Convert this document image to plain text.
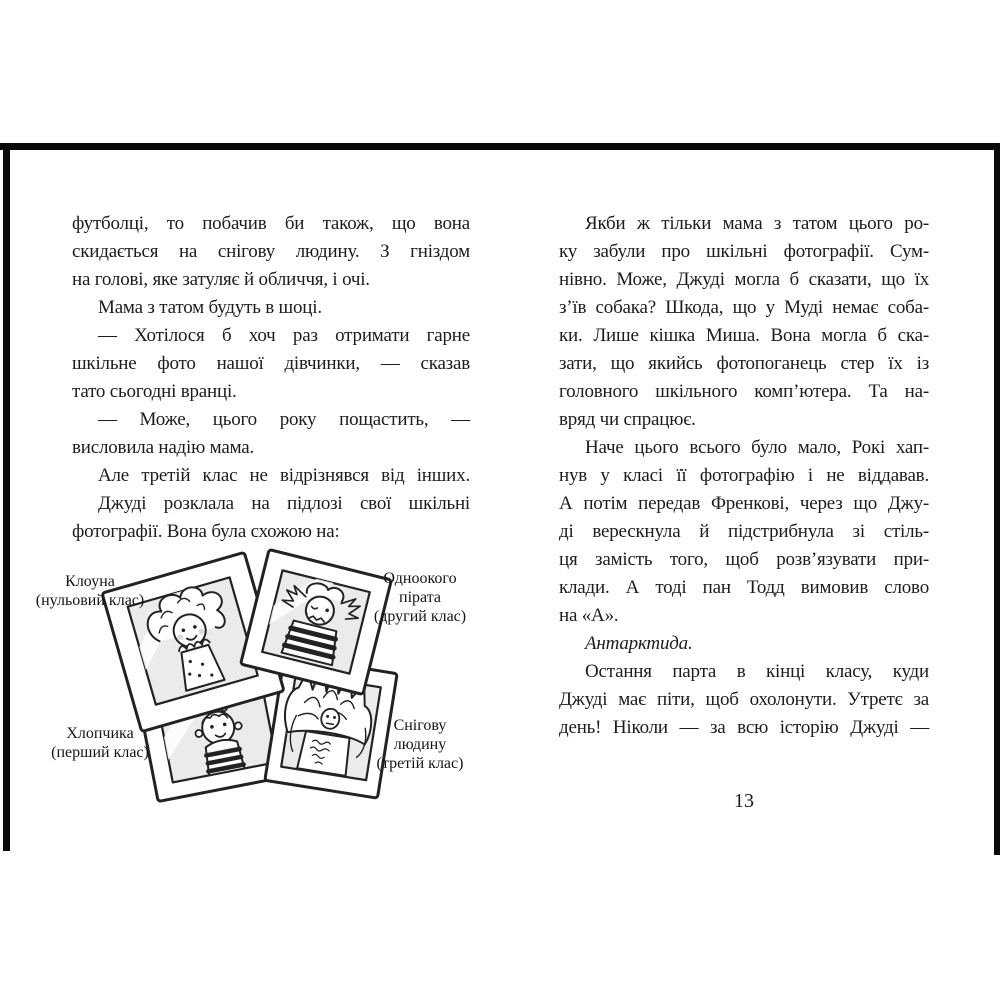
футболці, то побачив би також, що вона
скидається на снігову людину. З гніздом
на голові, яке затуляє й обличчя, і очі.
Мама з татом будуть в шоці.
— Хотілося б хоч раз отримати гарне
шкільне фото нашої дівчинки, — сказав
тато сьогодні вранці.
— Може, цього року пощастить, —
висловила надію мама.
Але третій клас не відрізнявся від інших.
Джуді розклала на підлозі свої шкільні
фотографії. Вона була схожою на:
Якби ж тільки мама з татом цього ро-
ку забули про шкільні фотографії. Сум-
нівно. Може, Джуді могла б сказати, що їх
з’їв собака? Шкода, що у Муді немає соба-
ки. Лише кішка Миша. Вона могла б ска-
зати, що якийсь фотопоганець стер їх із
головного шкільного комп’ютера. Та на-
вряд чи спрацює.
Наче цього всього було мало, Рокі хап-
нув у класі її фотографію і не віддавав.
А потім передав Френкові, через що Джу-
ді верескнула й підстрибнула зі стіль-
ця замість того, щоб розв’язувати при-
клади. А тоді пан Тодд вимовив слово
на «А».
Антарктида.
Остання парта в кінці класу, куди
Джуді має піти, щоб охолонути. Утретє за
день! Ніколи — за всю історію Джуді —
13
Клоуна
(нульовий клас)
Одноокого
пірата
(другий клас)
Хлопчика
(перший клас)
Снігову
людину
(третій клас)
